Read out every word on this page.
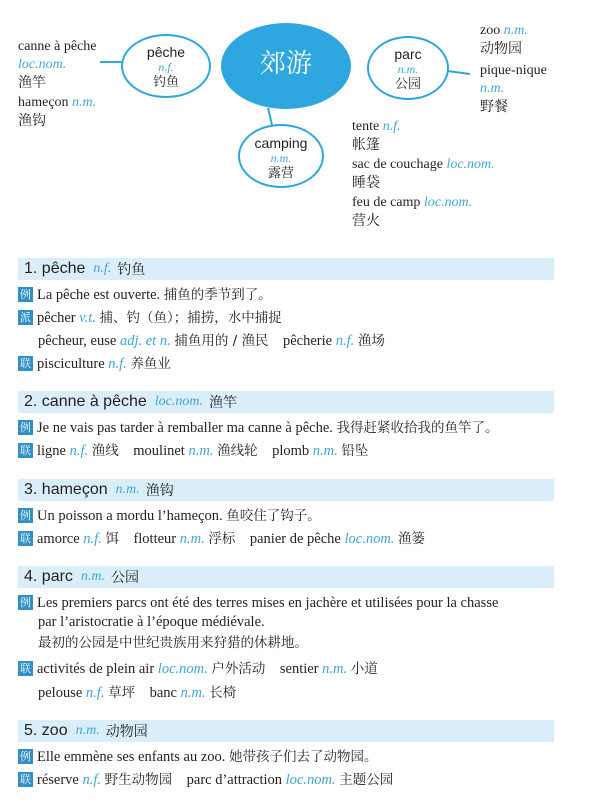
郊游
pêche
n.f.
钓鱼
parc
n.m.
公园
camping
n.m.
露营
canne à pêche
loc.nom.
渔竿
hameçon n.m.
渔钩
zoo n.m.
动物园
pique-nique
n.m.
野餐
tente n.f.
帐篷
sac de couchage loc.nom.
睡袋
feu de camp loc.nom.
营火
1. pêche n.f. 钓鱼
例 La pêche est ouverte. 捕鱼的季节到了。
派 pêcher v.t. 捕、钓（鱼）；捕捞，水中捕捉
pêcheur, euse adj. et n. 捕鱼用的 / 渔民 pêcherie n.f. 渔场
联 pisciculture n.f. 养鱼业
2. canne à pêche loc.nom. 渔竿
例 Je ne vais pas tarder à remballer ma canne à pêche. 我得赶紧收拾我的鱼竿了。
联 ligne n.f. 渔线 moulinet n.m. 渔线轮 plomb n.m. 铅坠
3. hameçon n.m. 渔钩
例 Un poisson a mordu l’hameçon. 鱼咬住了钩子。
联 amorce n.f. 饵 flotteur n.m. 浮标 panier de pêche loc.nom. 渔篓
4. parc n.m. 公园
例 Les premiers parcs ont été des terres mises en jachère et utilisées pour la chasse
par l’aristocratie à l’époque médiévale.
最初的公园是中世纪贵族用来狩猎的休耕地。
联 activités de plein air loc.nom. 户外活动 sentier n.m. 小道
pelouse n.f. 草坪 banc n.m. 长椅
5. zoo n.m. 动物园
例 Elle emmène ses enfants au zoo. 她带孩子们去了动物园。
联 réserve n.f. 野生动物园 parc d’attraction loc.nom. 主题公园
